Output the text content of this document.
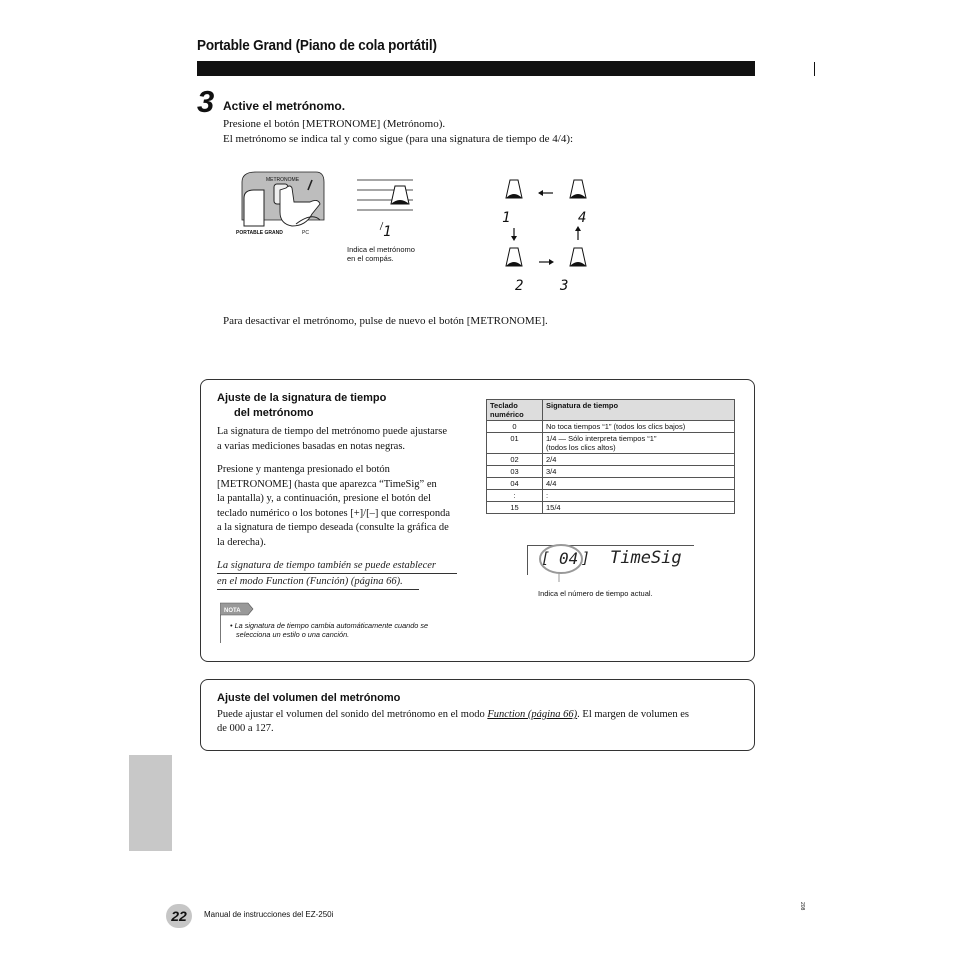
Portable Grand (Piano de cola portátil)
3 Active el metrónomo.
Presione el botón [METRONOME] (Metrónomo).
El metrónomo se indica tal y como sigue (para una signatura de tiempo de 4/4):
METRONOME
PORTABLE GRAND	PC	1
Indica el metrónomo
en el compás.
1	4
2	3
Para desactivar el metrónomo, pulse de nuevo el botón [METRONOME].
Ajuste de la signatura de tiempo
del metrónomo
La signatura de tiempo del metrónomo puede ajustarse
a varias mediciones basadas en notas negras.
Presione y mantenga presionado el botón
[METRONOME] (hasta que aparezca “TimeSig” en
la pantalla) y, a continuación, presione el botón del
teclado numérico o los botones [+]/[–] que corresponda
a la signatura de tiempo deseada (consulte la gráfica de
la derecha).
La signatura de tiempo también se puede establecer
en el modo Function (Función) (página 66).
NOTA
• La signatura de tiempo cambia automáticamente cuando se
selecciona un estilo o una canción.
Teclado
numérico	Signatura de tiempo
0	No toca tiempos “1” (todos los clics bajos)
01	1/4 — Sólo interpreta tiempos “1”
(todos los clics altos)

02	2/4
03	3/4
04	4/4
:	:
15	15/4
[ 04 ] TimeSig
Indica el número de tiempo actual.
Ajuste del volumen del metrónomo
Puede ajustar el volumen del sonido del metrónomo en el modo Function (página 66). El margen de volumen es
de 000 a 127.
22	Manual de instrucciones del EZ-250i
208
